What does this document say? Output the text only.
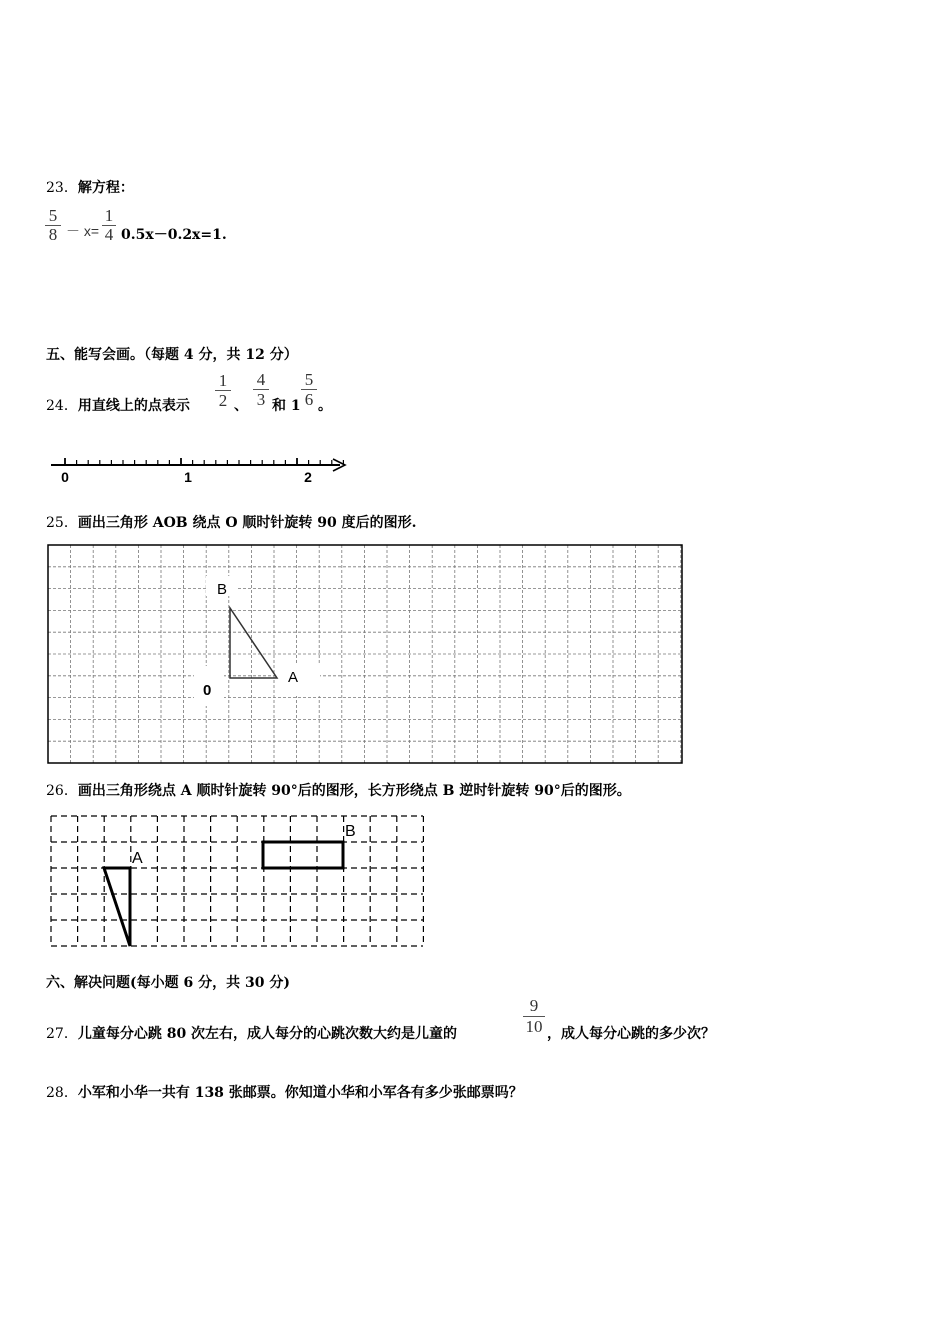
23．解方程：
5
8 － x=
1
4 0.5x－0.2x=1.
五、能写会画。（每题 4 分，共 12 分）
24．用直线上的点表示
1
2 、
4
3 和 1
5
6 。
0	1	2
25．画出三角形 AOB 绕点 O 顺时针旋转 90 度后的图形.
B
A
0
26．画出三角形绕点 A 顺时针旋转 90°后的图形，长方形绕点 B 逆时针旋转 90°后的图形。
A
B
六、解决问题(每小题 6 分，共 30 分)
27．儿童每分心跳 80 次左右，成人每分的心跳次数大约是儿童的
9
10 ，成人每分心跳的多少次？
28．小军和小华一共有 138 张邮票。你知道小华和小军各有多少张邮票吗？
